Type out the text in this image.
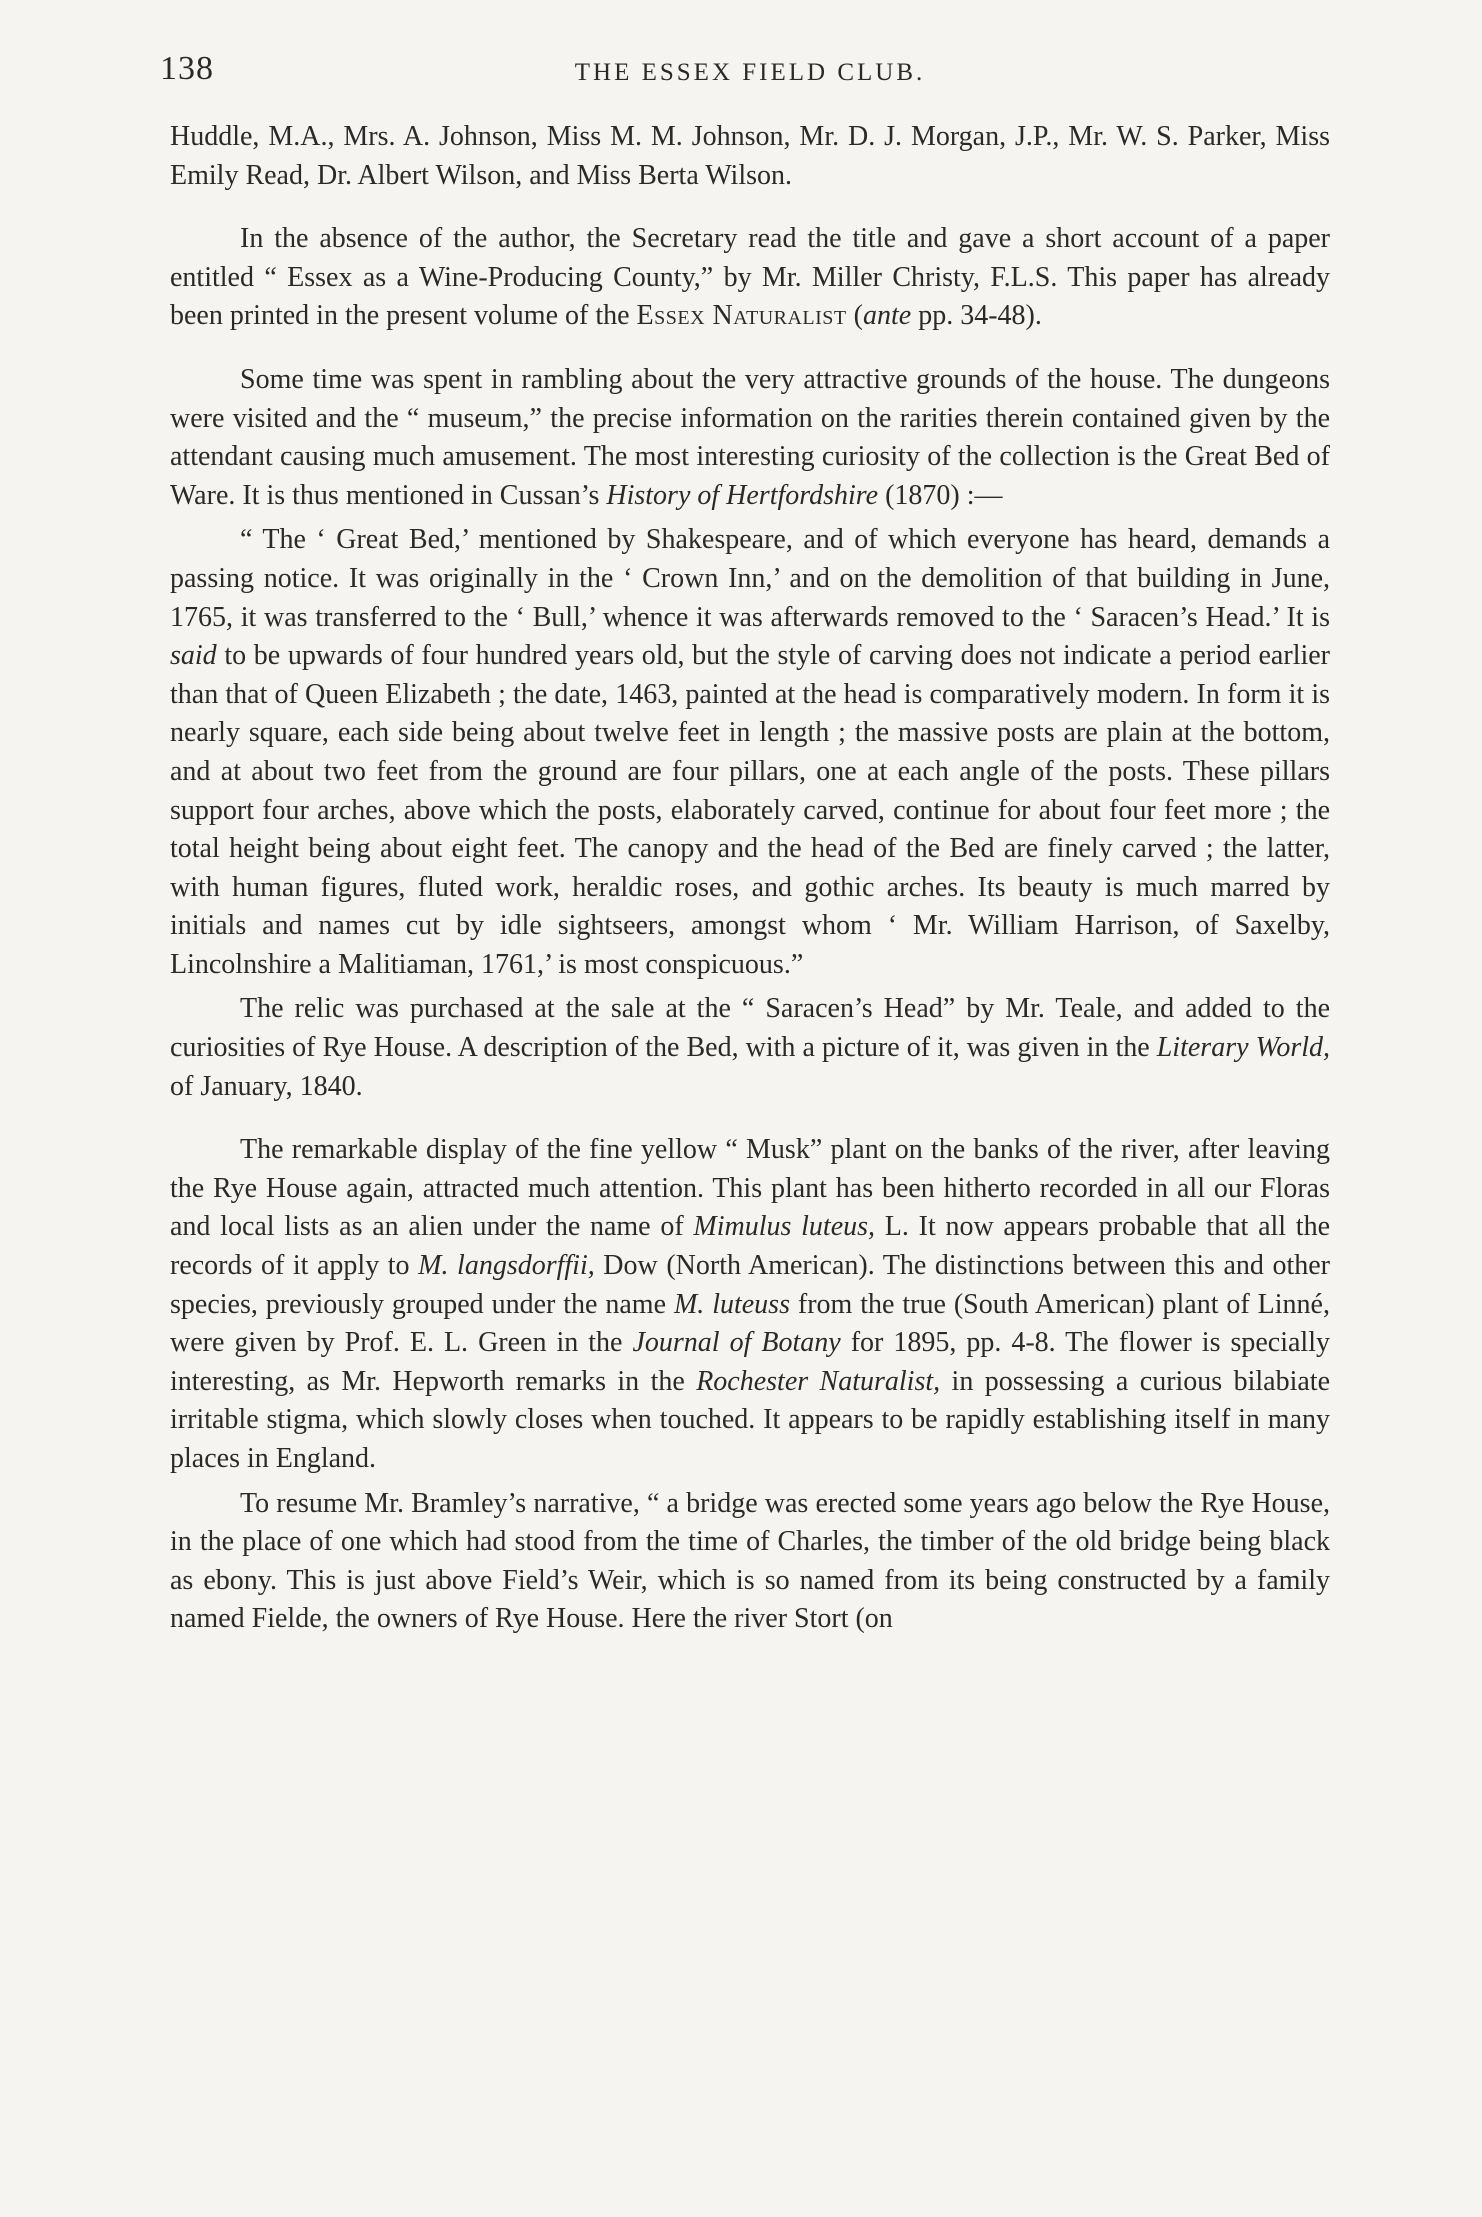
138	THE ESSEX FIELD CLUB.

Huddle, M.A., Mrs. A. Johnson, Miss M. M. Johnson, Mr. D. J. Morgan, J.P., Mr. W. S. Parker, Miss Emily Read, Dr. Albert Wilson, and Miss Berta Wilson.

In the absence of the author, the Secretary read the title and gave a short account of a paper entitled “ Essex as a Wine-Producing County,” by Mr. Miller Christy, F.L.S. This paper has already been printed in the present volume of the Essex Naturalist (ante pp. 34-48).

Some time was spent in rambling about the very attractive grounds of the house. The dungeons were visited and the “ museum,” the precise information on the rarities therein contained given by the attendant causing much amusement. The most interesting curiosity of the collection is the Great Bed of Ware. It is thus mentioned in Cussan’s History of Hertfordshire (1870) :—

“ The ‘ Great Bed,’ mentioned by Shakespeare, and of which everyone has heard, demands a passing notice. It was originally in the ‘ Crown Inn,’ and on the demolition of that building in June, 1765, it was transferred to the ‘ Bull,’ whence it was afterwards removed to the ‘ Saracen’s Head.’ It is said to be upwards of four hundred years old, but the style of carving does not indicate a period earlier than that of Queen Elizabeth ; the date, 1463, painted at the head is comparatively modern. In form it is nearly square, each side being about twelve feet in length ; the massive posts are plain at the bottom, and at about two feet from the ground are four pillars, one at each angle of the posts. These pillars support four arches, above which the posts, elaborately carved, continue for about four feet more ; the total height being about eight feet. The canopy and the head of the Bed are finely carved ; the latter, with human figures, fluted work, heraldic roses, and gothic arches. Its beauty is much marred by initials and names cut by idle sightseers, amongst whom ‘ Mr. William Harrison, of Saxelby, Lincolnshire a Malitiaman, 1761,’ is most conspicuous.”

The relic was purchased at the sale at the “ Saracen’s Head” by Mr. Teale, and added to the curiosities of Rye House. A description of the Bed, with a picture of it, was given in the Literary World, of January, 1840.

The remarkable display of the fine yellow “ Musk” plant on the banks of the river, after leaving the Rye House again, attracted much attention. This plant has been hitherto recorded in all our Floras and local lists as an alien under the name of Mimulus luteus, L. It now appears probable that all the records of it apply to M. langsdorffii, Dow (North American). The distinctions between this and other species, previously grouped under the name M. luteuss from the true (South American) plant of Linné, were given by Prof. E. L. Green in the Journal of Botany for 1895, pp. 4-8. The flower is specially interesting, as Mr. Hepworth remarks in the Rochester Naturalist, in possessing a curious bilabiate irritable stigma, which slowly closes when touched. It appears to be rapidly establishing itself in many places in England.

To resume Mr. Bramley’s narrative, “ a bridge was erected some years ago below the Rye House, in the place of one which had stood from the time of Charles, the timber of the old bridge being black as ebony. This is just above Field’s Weir, which is so named from its being constructed by a family named Fielde, the owners of Rye House. Here the river Stort (on
